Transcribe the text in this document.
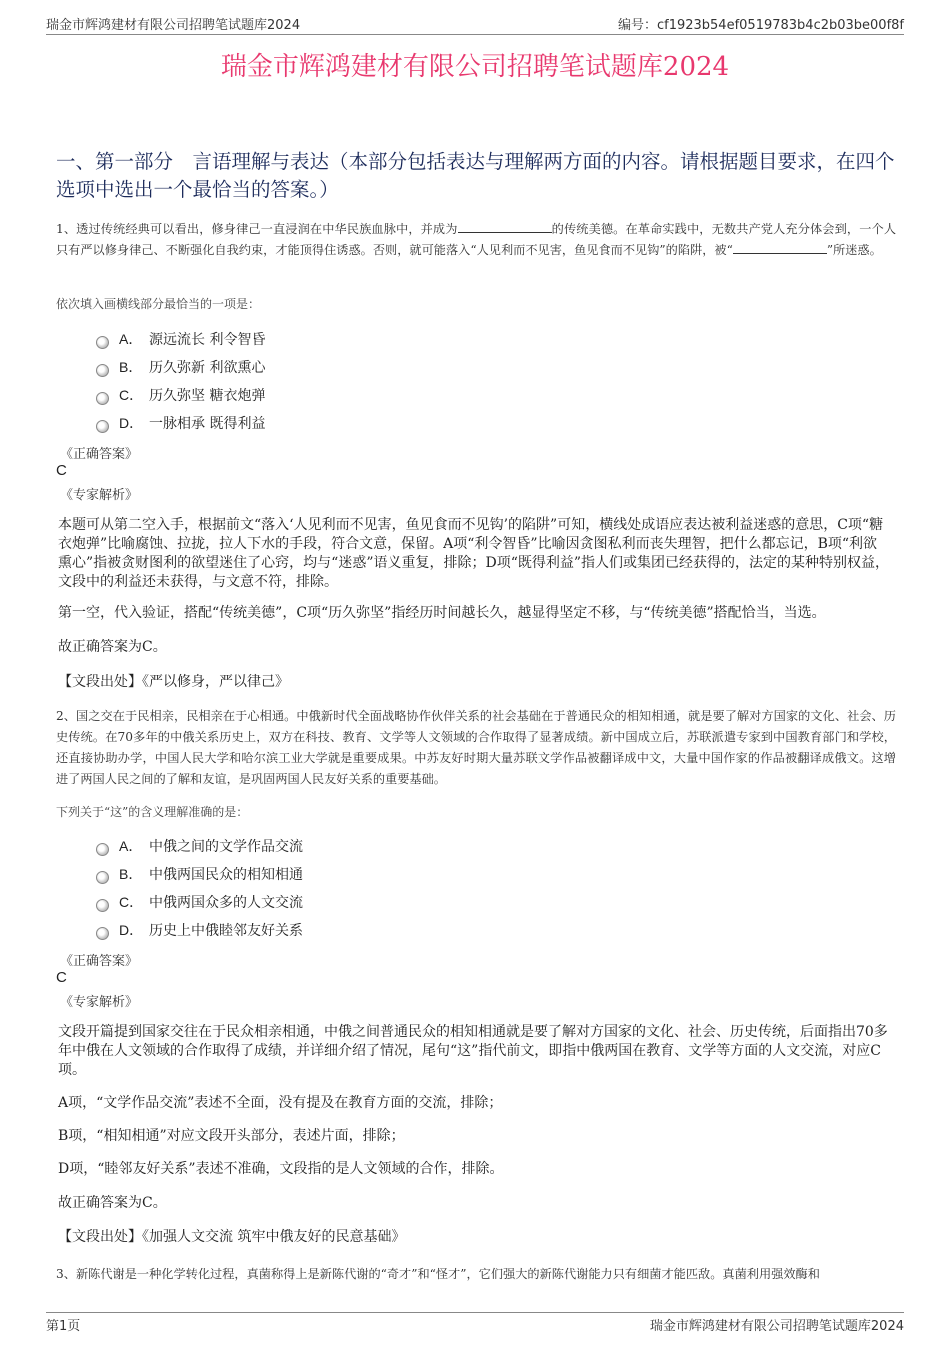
瑞金市辉鸿建材有限公司招聘笔试题库2024	编号：cf1923b54ef0519783b4c2b03be00f8f
瑞金市辉鸿建材有限公司招聘笔试题库2024
一、第一部分　言语理解与表达（本部分包括表达与理解两方面的内容。请根据题目要求，在四个选项中选出一个最恰当的答案。）
1、透过传统经典可以看出，修身律己一直浸润在中华民族血脉中，并成为	的传统美德。在革命实践中，无数共产党人充分体会到，一个人只有严以修身律己、不断强化自我约束，才能顶得住诱惑。否则，就可能落入“人见利而不见害，鱼见食而不见钩”的陷阱，被“	”所迷惑。
依次填入画横线部分最恰当的一项是：
A． 源远流长 利令智昏
B． 历久弥新 利欲熏心
C． 历久弥坚 糖衣炮弹
D． 一脉相承 既得利益
《正确答案》
C
《专家解析》
本题可从第二空入手，根据前文“落入‘人见利而不见害，鱼见食而不见钩’的陷阱”可知，横线处成语应表达被利益迷惑的意思，C项“糖衣炮弹”比喻腐蚀、拉拢，拉人下水的手段，符合文意，保留。A项“利令智昏”比喻因贪图私利而丧失理智，把什么都忘记，B项“利欲熏心”指被贪财图利的欲望迷住了心窍，均与“迷惑”语义重复，排除；D项“既得利益”指人们或集团已经获得的，法定的某种特别权益，文段中的利益还未获得，与文意不符，排除。
第一空，代入验证，搭配“传统美德”，C项“历久弥坚”指经历时间越长久，越显得坚定不移，与“传统美德”搭配恰当，当选。
故正确答案为C。
【文段出处】《严以修身，严以律己》
2、国之交在于民相亲，民相亲在于心相通。中俄新时代全面战略协作伙伴关系的社会基础在于普通民众的相知相通，就是要了解对方国家的文化、社会、历史传统。在70多年的中俄关系历史上，双方在科技、教育、文学等人文领域的合作取得了显著成绩。新中国成立后，苏联派遣专家到中国教育部门和学校，还直接协助办学，中国人民大学和哈尔滨工业大学就是重要成果。中苏友好时期大量苏联文学作品被翻译成中文，大量中国作家的作品被翻译成俄文。这增进了两国人民之间的了解和友谊，是巩固两国人民友好关系的重要基础。
下列关于“这”的含义理解准确的是：
A． 中俄之间的文学作品交流
B． 中俄两国民众的相知相通
C． 中俄两国众多的人文交流
D． 历史上中俄睦邻友好关系
《正确答案》
C
《专家解析》
文段开篇提到国家交往在于民众相亲相通，中俄之间普通民众的相知相通就是要了解对方国家的文化、社会、历史传统，后面指出70多年中俄在人文领域的合作取得了成绩，并详细介绍了情况，尾句“这”指代前文，即指中俄两国在教育、文学等方面的人文交流，对应C项。
A项，“文学作品交流”表述不全面，没有提及在教育方面的交流，排除；
B项，“相知相通”对应文段开头部分，表述片面，排除；
D项，“睦邻友好关系”表述不准确，文段指的是人文领域的合作，排除。
故正确答案为C。
【文段出处】《加强人文交流 筑牢中俄友好的民意基础》
3、新陈代谢是一种化学转化过程，真菌称得上是新陈代谢的“奇才”和“怪才”，它们强大的新陈代谢能力只有细菌才能匹敌。真菌利用强效酶和
第1页	瑞金市辉鸿建材有限公司招聘笔试题库2024
